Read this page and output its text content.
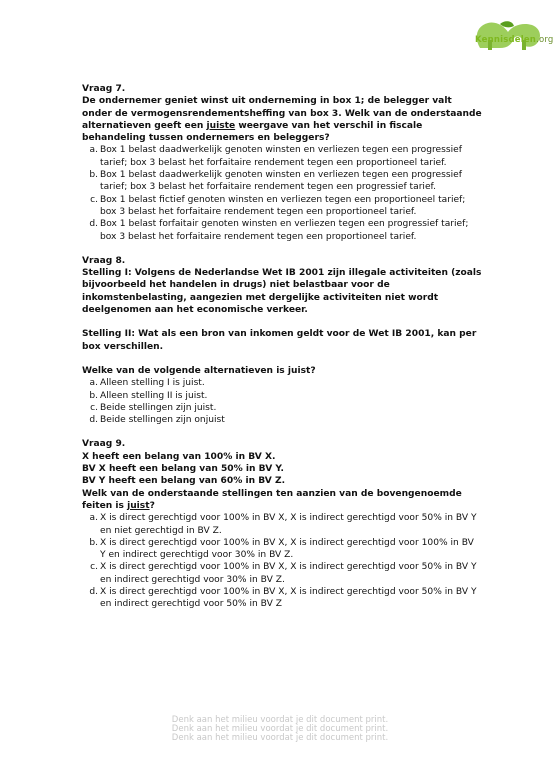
Kennisdelen.org
Vraag 7.
De ondernemer geniet winst uit onderneming in box 1; de belegger valt onder de vermogensrendementsheffing van box 3. Welk van de onderstaande alternatieven geeft een juiste weergave van het verschil in fiscale behandeling tussen ondernemers en beleggers?
a. Box 1 belast daadwerkelijk genoten winsten en verliezen tegen een progressief tarief; box 3 belast het forfaitaire rendement tegen een proportioneel tarief.
b. Box 1 belast daadwerkelijk genoten winsten en verliezen tegen een progressief tarief; box 3 belast het forfaitaire rendement tegen een progressief tarief.
c. Box 1 belast fictief genoten winsten en verliezen tegen een proportioneel tarief; box 3 belast het forfaitaire rendement tegen een proportioneel tarief.
d. Box 1 belast forfaitair genoten winsten en verliezen tegen een progressief tarief; box 3 belast het forfaitaire rendement tegen een proportioneel tarief.
Vraag 8.
Stelling I: Volgens de Nederlandse Wet IB 2001 zijn illegale activiteiten (zoals bijvoorbeeld het handelen in drugs) niet belastbaar voor de inkomstenbelasting, aangezien met dergelijke activiteiten niet wordt deelgenomen aan het economische verkeer.
Stelling II: Wat als een bron van inkomen geldt voor de Wet IB 2001, kan per box verschillen.
Welke van de volgende alternatieven is juist?
a. Alleen stelling I is juist.
b. Alleen stelling II is juist.
c. Beide stellingen zijn juist.
d. Beide stellingen zijn onjuist
Vraag 9.
X heeft een belang van 100% in BV X.
BV X heeft een belang van 50% in BV Y.
BV Y heeft een belang van 60% in BV Z.
Welk van de onderstaande stellingen ten aanzien van de bovengenoemde feiten is juist?
a. X is direct gerechtigd voor 100% in BV X, X is indirect gerechtigd voor 50% in BV Y en niet gerechtigd in BV Z.
b. X is direct gerechtigd voor 100% in BV X, X is indirect gerechtigd voor 100% in BV Y en indirect gerechtigd voor 30% in BV Z.
c. X is direct gerechtigd voor 100% in BV X, X is indirect gerechtigd voor 50% in BV Y en indirect gerechtigd voor 30% in BV Z.
d. X is direct gerechtigd voor 100% in BV X, X is indirect gerechtigd voor 50% in BV Y en indirect gerechtigd voor 50% in BV Z
Denk aan het milieu voordat je dit document print.
Denk aan het milieu voordat je dit document print.
Denk aan het milieu voordat je dit document print.
